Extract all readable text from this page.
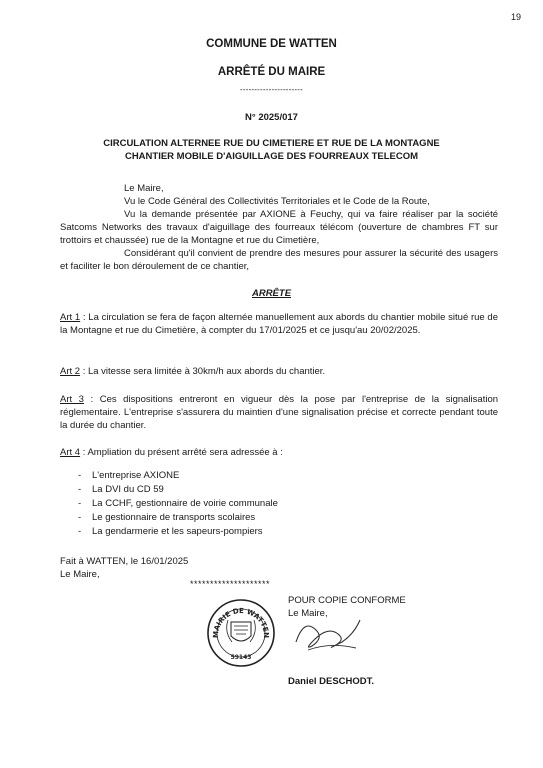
19
COMMUNE DE WATTEN
ARRÊTÉ DU MAIRE
----------------------
N° 2025/017
CIRCULATION ALTERNEE RUE DU CIMETIERE ET RUE DE LA MONTAGNE
CHANTIER MOBILE D'AIGUILLAGE DES FOURREAUX TELECOM
Le Maire,
Vu le Code Général des Collectivités Territoriales et le Code de la Route,
Vu la demande présentée par AXIONE à Feuchy, qui va faire réaliser par la société Satcoms Networks des travaux d'aiguillage des fourreaux télécom (ouverture de chambres FT sur trottoirs et chaussée) rue de la Montagne et rue du Cimetière,
Considérant qu'il convient de prendre des mesures pour assurer la sécurité des usagers et faciliter le bon déroulement de ce chantier,
ARRÊTE
Art 1 : La circulation se fera de façon alternée manuellement aux abords du chantier mobile situé rue de la Montagne et rue du Cimetière, à compter du 17/01/2025 et ce jusqu'au 20/02/2025.
Art 2 : La vitesse sera limitée à 30km/h aux abords du chantier.
Art 3 : Ces dispositions entreront en vigueur dès la pose par l'entreprise de la signalisation réglementaire. L'entreprise s'assurera du maintien d'une signalisation précise et correcte pendant toute la durée du chantier.
Art 4 : Ampliation du présent arrêté sera adressée à :
- L'entreprise AXIONE
- La DVI du CD 59
- La CCHF, gestionnaire de voirie communale
- Le gestionnaire de transports scolaires
- La gendarmerie et les sapeurs-pompiers
Fait à WATTEN, le 16/01/2025
Le Maire,
********************
POUR COPIE CONFORME
Le Maire,
MAIRIE DE WATTEN
59143
Daniel DESCHODT.
